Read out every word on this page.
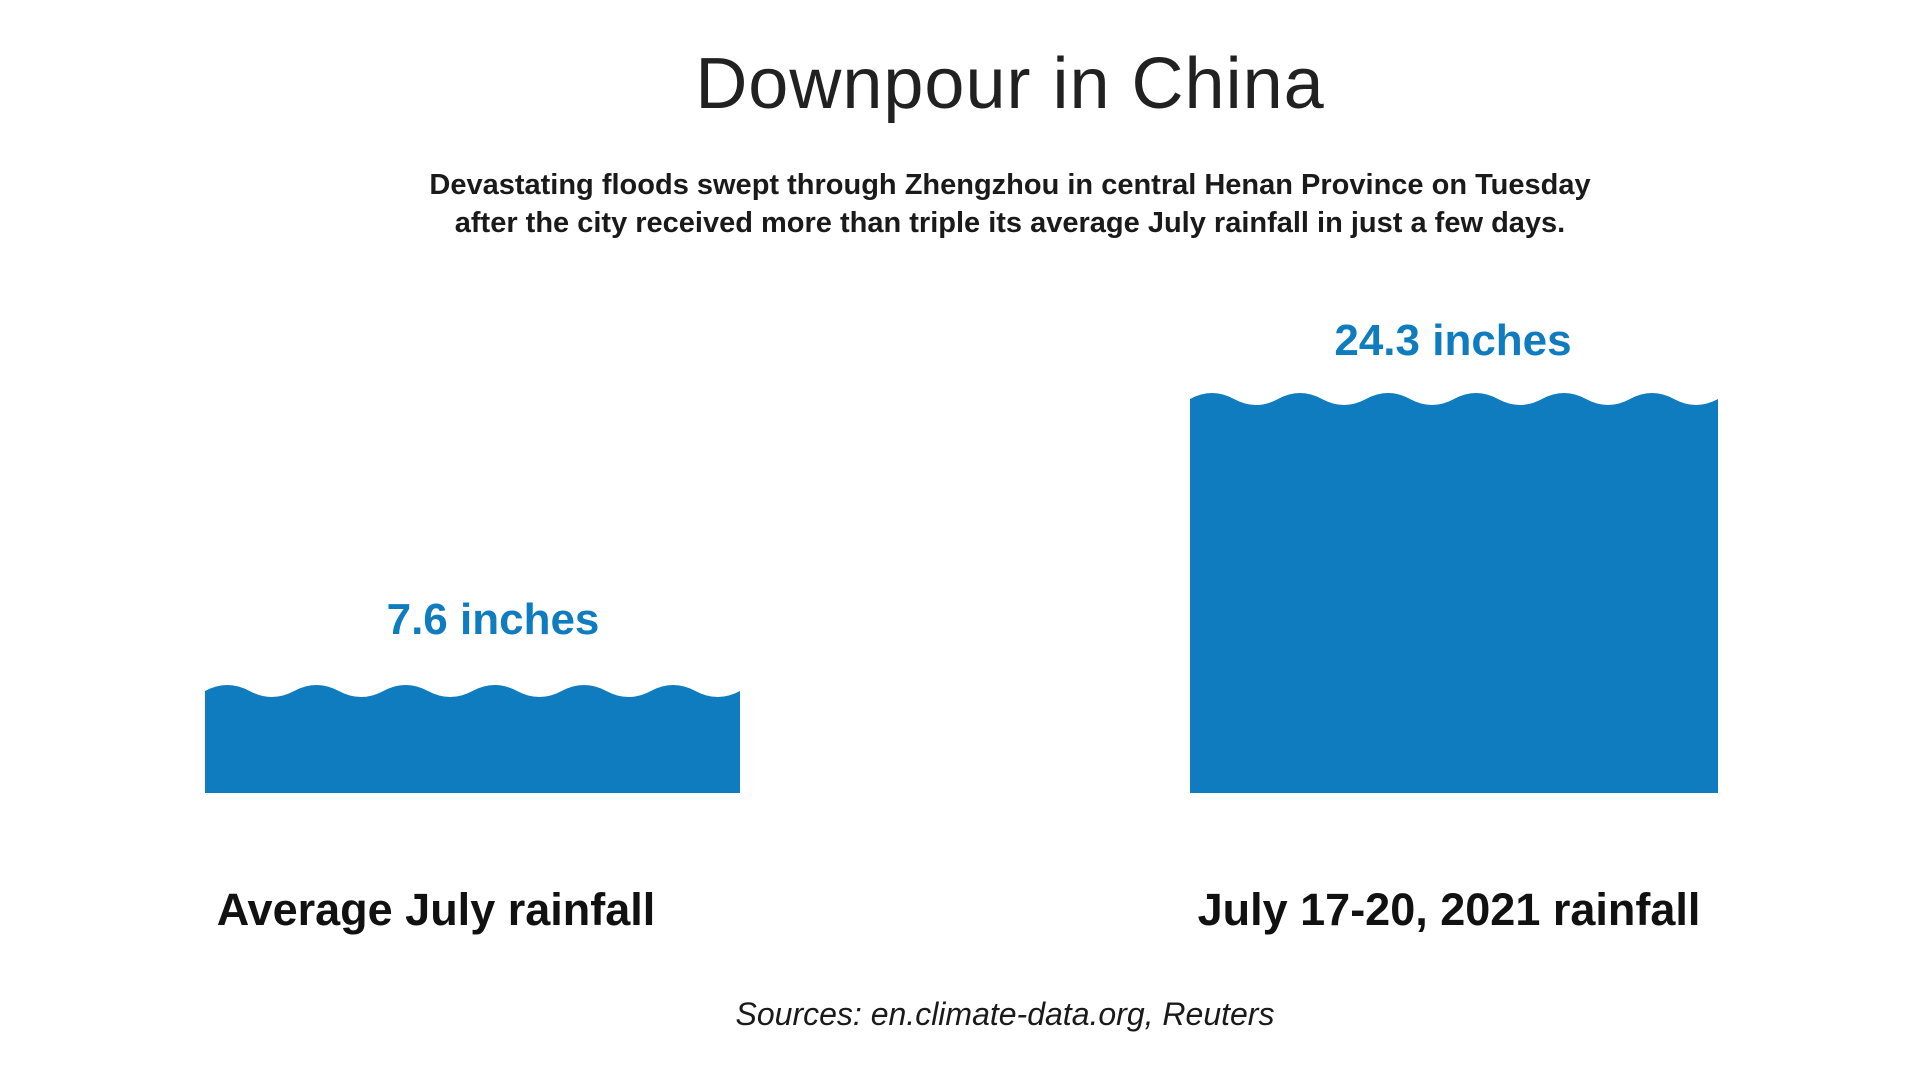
Downpour in China

Devastating floods swept through Zhengzhou in central Henan Province on Tuesday
after the city received more than triple its average July rainfall in just a few days.

7.6 inches
24.3 inches
Average July rainfall	July 17-20, 2021 rainfall
Sources: en.climate-data.org, Reuters
